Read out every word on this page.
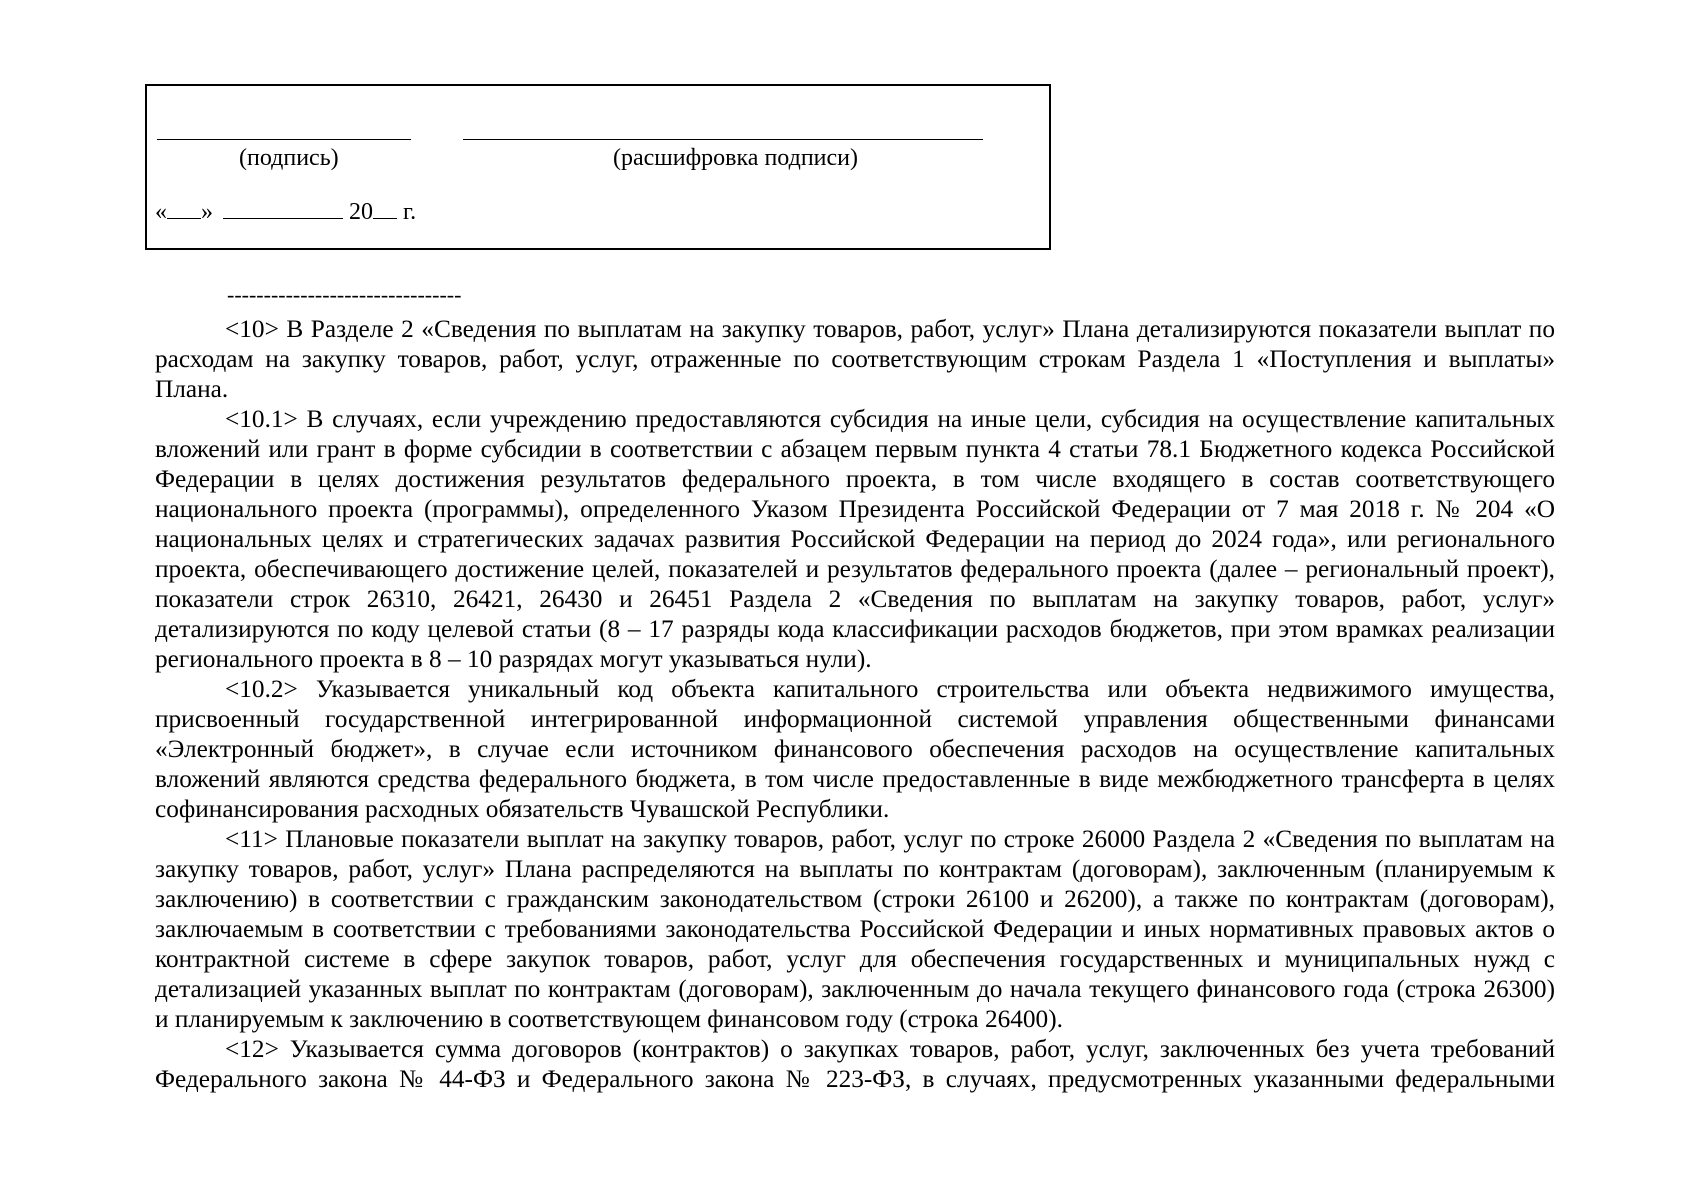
(подпись)	(расшифровка подписи)
« »	20 г.
--------------------------------

<10> В Разделе 2 «Сведения по выплатам на закупку товаров, работ, услуг» Плана детализируются показатели выплат по расходам на закупку товаров, работ, услуг, отраженные по соответствующим строкам Раздела 1 «Поступления и выплаты» Плана.

<10.1> В случаях, если учреждению предоставляются субсидия на иные цели, субсидия на осуществление капитальных вложений или грант в форме субсидии в соответствии с абзацем первым пункта 4 статьи 78.1 Бюджетного кодекса Российской Федерации в целях достижения результатов федерального проекта, в том числе входящего в состав соответствующего национального проекта (программы), определенного Указом Президента Российской Федерации от 7 мая 2018 г. № 204 «О национальных целях и стратегических задачах развития Российской Федерации на период до 2024 года», или регионального проекта, обеспечивающего достижение целей, показателей и результатов федерального проекта (далее – региональный проект), показатели строк 26310, 26421, 26430 и 26451 Раздела 2 «Сведения по выплатам на закупку товаров, работ, услуг» детализируются по коду целевой статьи (8 – 17 разряды кода классификации расходов бюджетов, при этом врамках реализации регионального проекта в 8 – 10 разрядах могут указываться нули).

<10.2> Указывается уникальный код объекта капитального строительства или объекта недвижимого имущества, присвоенный государственной интегрированной информационной системой управления общественными финансами «Электронный бюджет», в случае если источником финансового обеспечения расходов на осуществление капитальных вложений являются средства федерального бюджета, в том числе предоставленные в виде межбюджетного трансферта в целях софинансирования расходных обязательств Чувашской Республики.

<11> Плановые показатели выплат на закупку товаров, работ, услуг по строке 26000 Раздела 2 «Сведения по выплатам на закупку товаров, работ, услуг» Плана распределяются на выплаты по контрактам (договорам), заключенным (планируемым к заключению) в соответствии с гражданским законодательством (строки 26100 и 26200), а также по контрактам (договорам), заключаемым в соответствии с требованиями законодательства Российской Федерации и иных нормативных правовых актов о контрактной системе в сфере закупок товаров, работ, услуг для обеспечения государственных и муниципальных нужд с детализацией указанных выплат по контрактам (договорам), заключенным до начала текущего финансового года (строка 26300) и планируемым к заключению в соответствующем финансовом году (строка 26400).

<12> Указывается сумма договоров (контрактов) о закупках товаров, работ, услуг, заключенных без учета требований Федерального закона № 44-ФЗ и Федерального закона № 223-ФЗ, в случаях, предусмотренных указанными федеральными
